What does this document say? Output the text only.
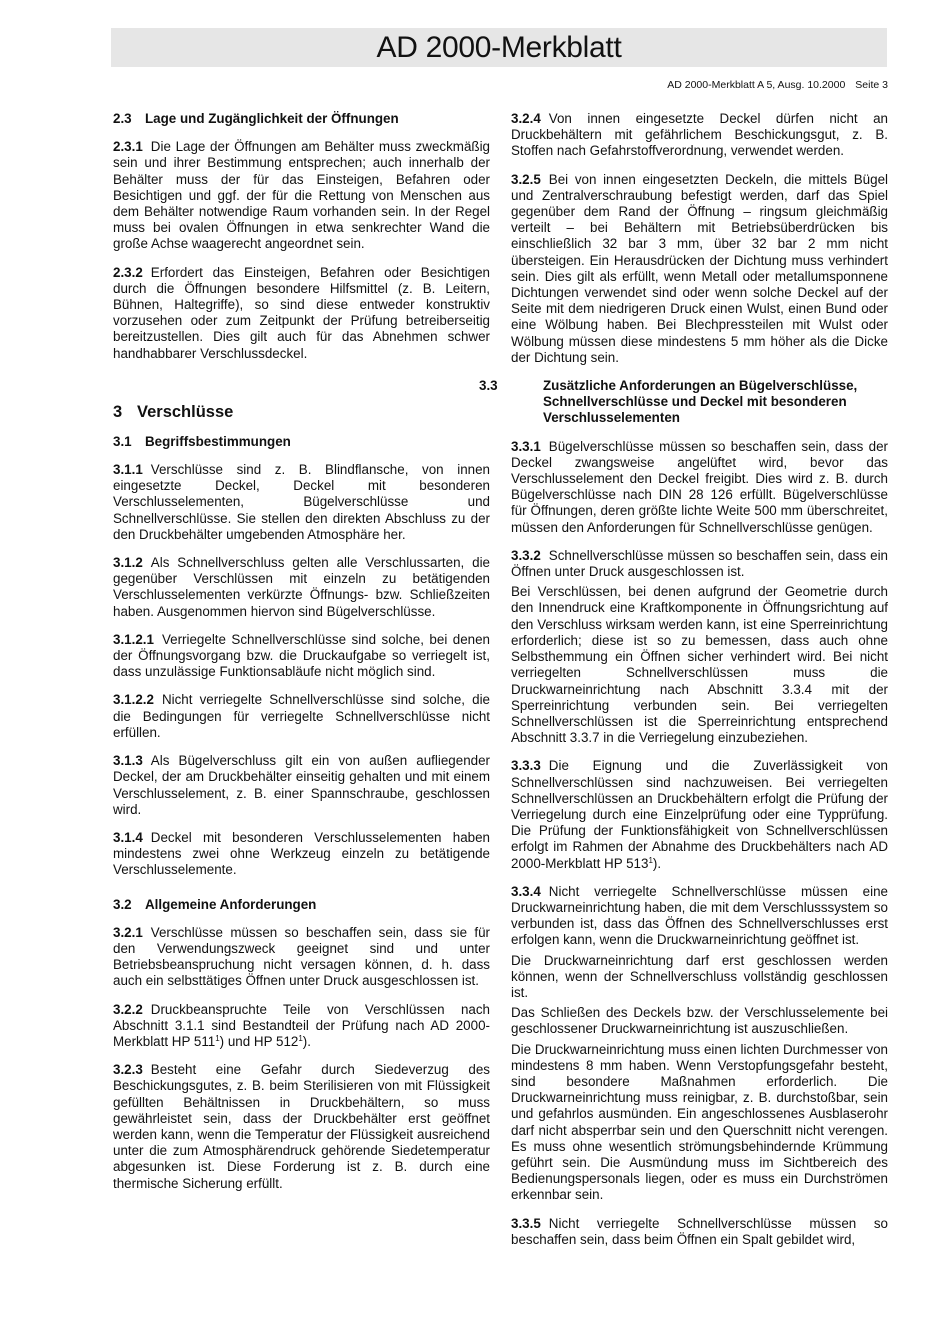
AD 2000-Merkblatt
AD 2000-Merkblatt A 5, Ausg. 10.2000 Seite 3
2.3 Lage und Zugänglichkeit der Öffnungen

2.3.1 Die Lage der Öffnungen am Behälter muss zweckmäßig sein und ihrer Bestimmung entsprechen; auch innerhalb der Behälter muss der für das Einsteigen, Befahren oder Besichtigen und ggf. der für die Rettung von Menschen aus dem Behälter notwendige Raum vorhanden sein. In der Regel muss bei ovalen Öffnungen in etwa senkrechter Wand die große Achse waagerecht angeordnet sein.

2.3.2 Erfordert das Einsteigen, Befahren oder Besichtigen durch die Öffnungen besondere Hilfsmittel (z. B. Leitern, Bühnen, Haltegriffe), so sind diese entweder konstruktiv vorzusehen oder zum Zeitpunkt der Prüfung betreiberseitig bereitzustellen. Dies gilt auch für das Abnehmen schwer handhabbarer Verschlussdeckel.

3 Verschlüsse
3.1 Begriffsbestimmungen

3.1.1 Verschlüsse sind z. B. Blindflansche, von innen eingesetzte Deckel, Deckel mit besonderen Verschlusselementen, Bügelverschlüsse und Schnellverschlüsse. Sie stellen den direkten Abschluss zu der den Druckbehälter umgebenden Atmosphäre her.

3.1.2 Als Schnellverschluss gelten alle Verschlussarten, die gegenüber Verschlüssen mit einzeln zu betätigenden Verschlusselementen verkürzte Öffnungs- bzw. Schließzeiten haben. Ausgenommen hiervon sind Bügelverschlüsse.

3.1.2.1 Verriegelte Schnellverschlüsse sind solche, bei denen der Öffnungsvorgang bzw. die Druckaufgabe so verriegelt ist, dass unzulässige Funktionsabläufe nicht möglich sind.

3.1.2.2 Nicht verriegelte Schnellverschlüsse sind solche, die die Bedingungen für verriegelte Schnellverschlüsse nicht erfüllen.

3.1.3 Als Bügelverschluss gilt ein von außen aufliegender Deckel, der am Druckbehälter einseitig gehalten und mit einem Verschlusselement, z. B. einer Spannschraube, geschlossen wird.

3.1.4 Deckel mit besonderen Verschlusselementen haben mindestens zwei ohne Werkzeug einzeln zu betätigende Verschlusselemente.

3.2 Allgemeine Anforderungen

3.2.1 Verschlüsse müssen so beschaffen sein, dass sie für den Verwendungszweck geeignet sind und unter Betriebsbeanspruchung nicht versagen können, d. h. dass auch ein selbsttätiges Öffnen unter Druck ausgeschlossen ist.

3.2.2 Druckbeanspruchte Teile von Verschlüssen nach Abschnitt 3.1.1 sind Bestandteil der Prüfung nach AD 2000-Merkblatt HP $511^1$) und HP $512^1$).

3.2.3 Besteht eine Gefahr durch Siedeverzug des Beschickungsgutes, z. B. beim Sterilisieren von mit Flüssigkeit gefüllten Behältnissen in Druckbehältern, so muss gewährleistet sein, dass der Druckbehälter erst geöffnet werden kann, wenn die Temperatur der Flüssigkeit ausreichend unter die zum Atmosphärendruck gehörende Siedetemperatur abgesunken ist. Diese Forderung ist z. B. durch eine thermische Sicherung erfüllt.

3.2.4 Von innen eingesetzte Deckel dürfen nicht an Druckbehältern mit gefährlichem Beschickungsgut, z. B. Stoffen nach Gefahrstoffverordnung, verwendet werden.

3.2.5 Bei von innen eingesetzten Deckeln, die mittels Bügel und Zentralverschraubung befestigt werden, darf das Spiel gegenüber dem Rand der Öffnung – ringsum gleichmäßig verteilt – bei Behältern mit Betriebsüberdrücken bis einschließlich 32 bar 3 mm, über 32 bar 2 mm nicht übersteigen. Ein Herausdrücken der Dichtung muss verhindert sein. Dies gilt als erfüllt, wenn Metall oder metallumsponnene Dichtungen verwendet sind oder wenn solche Deckel auf der Seite mit dem niedrigeren Druck einen Wulst, einen Bund oder eine Wölbung haben. Bei Blechpressteilen mit Wulst oder Wölbung müssen diese mindestens 5 mm höher als die Dicke der Dichtung sein.

3.3	Zusätzliche Anforderungen an Bügelverschlüsse, Schnellverschlüsse und Deckel mit besonderen Verschlusselementen

3.3.1 Bügelverschlüsse müssen so beschaffen sein, dass der Deckel zwangsweise angelüftet wird, bevor das Verschlusselement den Deckel freigibt. Dies wird z. B. durch Bügelverschlüsse nach DIN 28 126 erfüllt. Bügelverschlüsse für Öffnungen, deren größte lichte Weite 500 mm überschreitet, müssen den Anforderungen für Schnellverschlüsse genügen.

3.3.2 Schnellverschlüsse müssen so beschaffen sein, dass ein Öffnen unter Druck ausgeschlossen ist.

Bei Verschlüssen, bei denen aufgrund der Geometrie durch den Innendruck eine Kraftkomponente in Öffnungsrichtung auf den Verschluss wirksam werden kann, ist eine Sperreinrichtung erforderlich; diese ist so zu bemessen, dass auch ohne Selbsthemmung ein Öffnen sicher verhindert wird. Bei nicht verriegelten Schnellverschlüssen muss die Druckwarneinrichtung nach Abschnitt 3.3.4 mit der Sperreinrichtung verbunden sein. Bei verriegelten Schnellverschlüssen ist die Sperreinrichtung entsprechend Abschnitt 3.3.7 in die Verriegelung einzubeziehen.

3.3.3 Die Eignung und die Zuverlässigkeit von Schnellverschlüssen sind nachzuweisen. Bei verriegelten Schnellverschlüssen an Druckbehältern erfolgt die Prüfung der Verriegelung durch eine Einzelprüfung oder eine Typprüfung. Die Prüfung der Funktionsfähigkeit von Schnellverschlüssen erfolgt im Rahmen der Abnahme des Druckbehälters nach AD 2000-Merkblatt HP $513^1$).

3.3.4 Nicht verriegelte Schnellverschlüsse müssen eine Druckwarneinrichtung haben, die mit dem Verschlusssystem so verbunden ist, dass das Öffnen des Schnellverschlusses erst erfolgen kann, wenn die Druckwarneinrichtung geöffnet ist.

Die Druckwarneinrichtung darf erst geschlossen werden können, wenn der Schnellverschluss vollständig geschlossen ist.

Das Schließen des Deckels bzw. der Verschlusselemente bei geschlossener Druckwarneinrichtung ist auszuschließen.

Die Druckwarneinrichtung muss einen lichten Durchmesser von mindestens 8 mm haben. Wenn Verstopfungsgefahr besteht, sind besondere Maßnahmen erforderlich. Die Druckwarneinrichtung muss reinigbar, z. B. durchstoßbar, sein und gefahrlos ausmünden. Ein angeschlossenes Ausblaserohr darf nicht absperrbar sein und den Querschnitt nicht verengen. Es muss ohne wesentlich strömungsbehindernde Krümmung geführt sein. Die Ausmündung muss im Sichtbereich des Bedienungspersonals liegen, oder es muss ein Durchströmen erkennbar sein.

3.3.5 Nicht verriegelte Schnellverschlüsse müssen so beschaffen sein, dass beim Öffnen ein Spalt gebildet wird,
